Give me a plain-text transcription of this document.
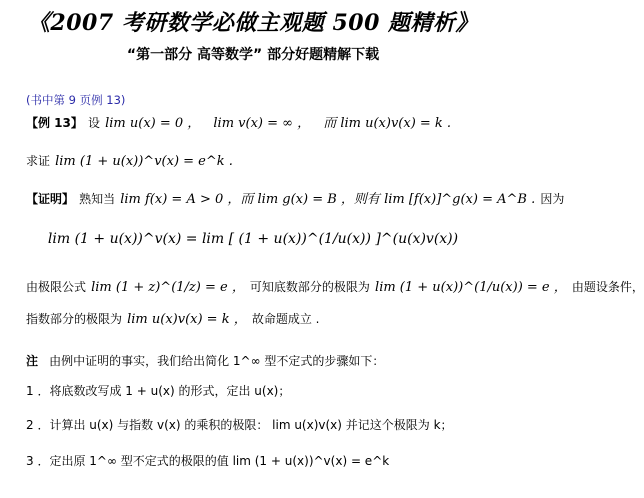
《2007 考研数学必做主观题 500 题精析》
“第一部分 高等数学” 部分好题精解下载
(书中第 9 页例 13)
【例 13】 设 lim u(x) = 0 ， lim v(x) = ∞ ， 而 lim u(x)v(x) = k .
求证 lim (1 + u(x))^v(x) = e^k .
【证明】 熟知当 lim f(x) = A > 0 ，而 lim g(x) = B ，则有 lim [f(x)]^g(x) = A^B . 因为
lim (1 + u(x))^v(x) = lim [ (1 + u(x))^(1/u(x)) ]^(u(x)v(x))
由极限公式 lim (1 + z)^(1/z) = e ， 可知底数部分的极限为 lim (1 + u(x))^(1/u(x)) = e ， 由题设条件，
指数部分的极限为 lim u(x)v(x) = k ， 故命题成立 .
注 由例中证明的事实，我们给出简化 1^∞ 型不定式的步骤如下：
1 ．将底数改写成 1 + u(x) 的形式，定出 u(x)；
2 ．计算出 u(x) 与指数 v(x) 的乘积的极限： lim u(x)v(x) 并记这个极限为 k；
3 ．定出原 1^∞ 型不定式的极限的值 lim (1 + u(x))^v(x) = e^k
